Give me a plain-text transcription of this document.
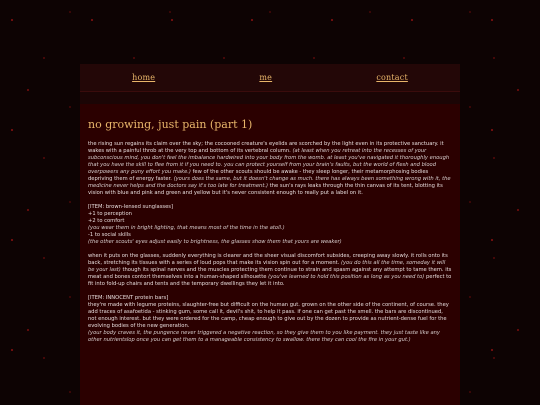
home	me	contact
no growing, just pain (part 1)

the rising sun regains its claim over the sky; the cocooned creature's eyelids are scorched by the light even in its protective sanctuary. it wakes with a painful throb at the very top and bottom of its vertebral column. (at least when you retreat into the recesses of your subconscious mind, you don't feel the imbalance hardwired into your body from the womb. at least you've navigated it thoroughly enough that you have the skill to flee from it if you need to. you can protect yourself from your brain's faults, but the world of flesh and blood overpowers any puny effort you make.) few of the other scouts should be awake - they sleep longer, their metamorphosing bodies depriving them of energy faster. (yours does the same, but it doesn't change as much. there has always been something wrong with it, the medicine never helps and the doctors say it's too late for treatment.) the sun's rays leaks through the thin canvas of its tent, blotting its vision with blue and pink and green and yellow but it's never consistent enough to really put a label on it.

[ITEM: brown-lensed sunglasses]
+1 to perception
+2 to comfort
(you wear them in bright lighting, that means most of the time in the atoll.)
-1 to social skills
(the other scouts' eyes adjust easily to brightness, the glasses show them that yours are weaker)

when it puts on the glasses, suddenly everything is clearer and the sheer visual discomfort subsides, creeping away slowly. it rolls onto its back, stretching its tissues with a series of loud pops that make its vision spin out for a moment. (you do this all the time, someday it will be your last) though its spinal nerves and the muscles protecting them continue to strain and spasm against any attempt to tame them. its meat and bones contort themselves into a human-shaped silhouette (you've learned to hold this position as long as you need to) perfect to fit into fold-up chairs and tents and the temporary dwellings they let it into.

[ITEM: INNOCENT protein bars]
they're made with legume proteins, slaughter-free but difficult on the human gut. grown on the other side of the continent, of course. they add traces of asafoetida - stinking gum, some call it, devil's shit, to help it pass. if one can get past the smell. the bars are discontinued, not enough interest. but they were ordered for the camp, cheap enough to give out by the dozen to provide as nutrient-dense fuel for the evolving bodies of the new generation.
(your body craves it, the pungence never triggered a negative reaction, so they give them to you like payment. they just taste like any other nutrientslop once you can get them to a manageable consistency to swallow. there they can cool the fire in your gut.)
